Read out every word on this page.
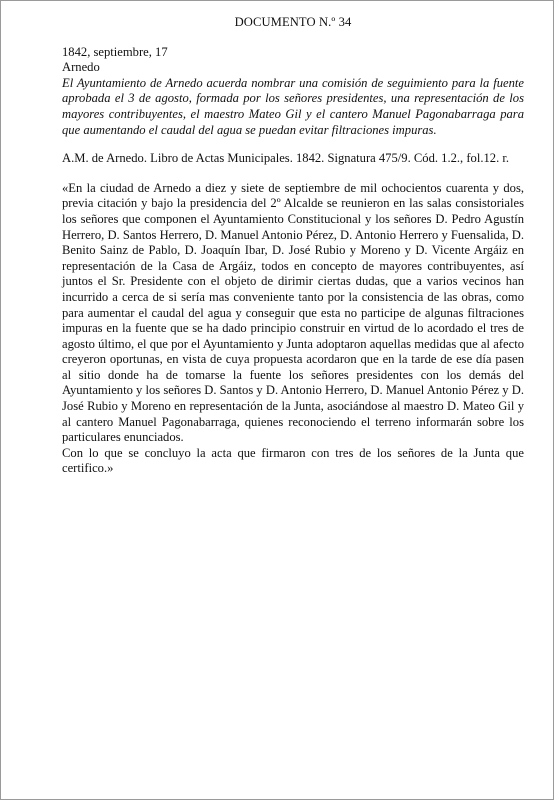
DOCUMENTO N.º 34

1842, septiembre, 17

Arnedo

El Ayuntamiento de Arnedo acuerda nombrar una comisión de seguimiento para la fuente aprobada el 3 de agosto, formada por los señores presidentes, una representación de los mayores contribuyentes, el maestro Mateo Gil y el cantero Manuel Pagonabarraga para que aumentando el caudal del agua se puedan evitar filtraciones impuras.

A.M. de Arnedo. Libro de Actas Municipales. 1842. Signatura 475/9. Cód. 1.2., fol.12. r.

«En la ciudad de Arnedo a diez y siete de septiembre de mil ochocientos cuarenta y dos, previa citación y bajo la presidencia del 2º Alcalde se reunieron en las salas consistoriales los señores que componen el Ayuntamiento Constitucional y los señores D. Pedro Agustín Herrero, D. Santos Herrero, D. Manuel Antonio Pérez, D. Antonio Herrero y Fuensalida, D. Benito Sainz de Pablo, D. Joaquín Ibar, D. José Rubio y Moreno y D. Vicente Argáiz en representación de la Casa de Argáiz, todos en concepto de mayores contribuyentes, así juntos el Sr. Presidente con el objeto de dirimir ciertas dudas, que a varios vecinos han incurrido a cerca de si sería mas conveniente tanto por la consistencia de las obras, como para aumentar el caudal del agua y conseguir que esta no participe de algunas filtraciones impuras en la fuente que se ha dado principio construir en virtud de lo acordado el tres de agosto último, el que por el Ayuntamiento y Junta adoptaron aquellas medidas que al afecto creyeron oportunas, en vista de cuya propuesta acordaron que en la tarde de ese día pasen al sitio donde ha de tomarse la fuente los señores presidentes con los demás del Ayuntamiento y los señores D. Santos y D. Antonio Herrero, D. Manuel Antonio Pérez y D. José Rubio y Moreno en representación de la Junta, asociándose al maestro D. Mateo Gil y al cantero Manuel Pagonabarraga, quienes reconociendo el terreno informarán sobre los particulares enunciados.

Con lo que se concluyo la acta que firmaron con tres de los señores de la Junta que certifico.»
